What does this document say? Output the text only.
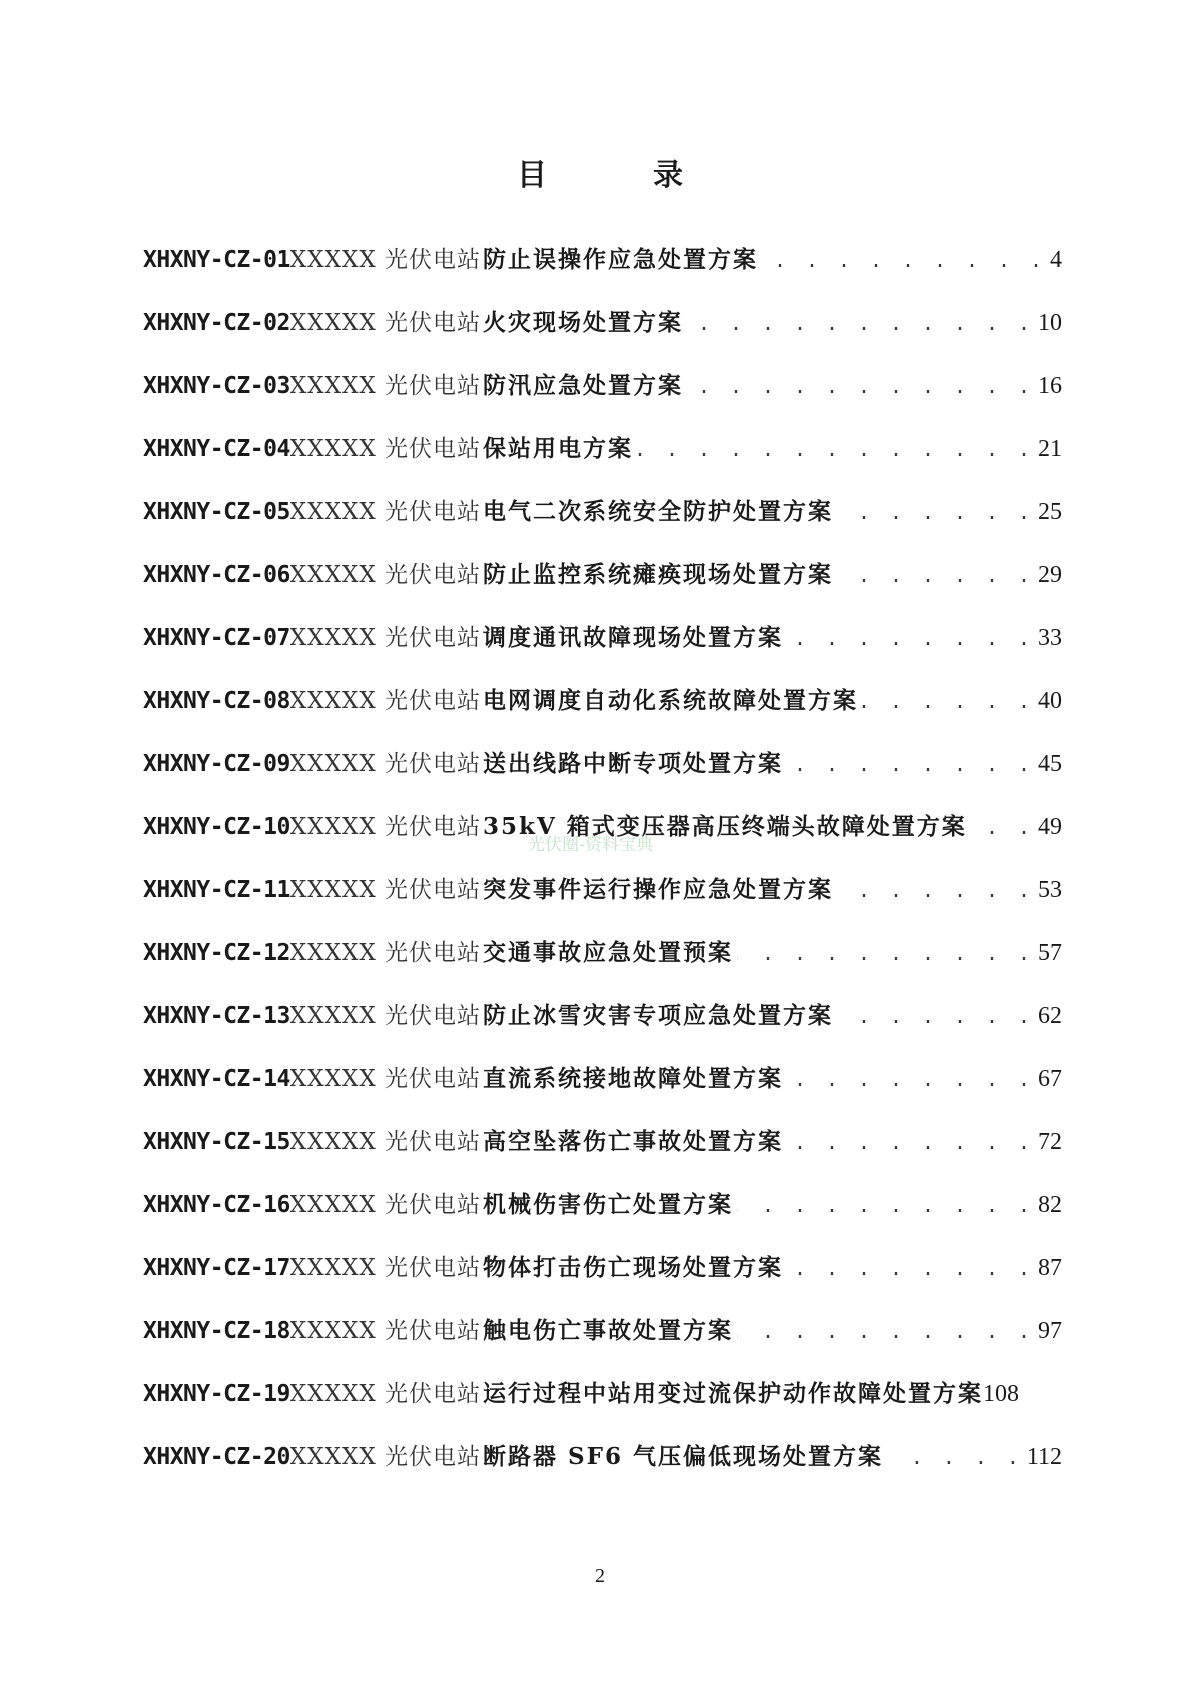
目　录
XHXNY-CZ-01 XXXXX 光伏电站 防止误操作应急处置方案 . . .	4
XHXNY-CZ-02 XXXXX 光伏电站 火灾现场处置方案 . . .	10
XHXNY-CZ-03 XXXXX 光伏电站 防汛应急处置方案 . . .	16
XHXNY-CZ-04 XXXXX 光伏电站 保站用电方案 . . .	21
XHXNY-CZ-05 XXXXX 光伏电站 电气二次系统安全防护处置方案 . . .	25
XHXNY-CZ-06 XXXXX 光伏电站 防止监控系统瘫痪现场处置方案 . . .	29
XHXNY-CZ-07 XXXXX 光伏电站 调度通讯故障现场处置方案 . . .	33
XHXNY-CZ-08 XXXXX 光伏电站 电网调度自动化系统故障处置方案 . . .	40
XHXNY-CZ-09 XXXXX 光伏电站 送出线路中断专项处置方案 . . .	45
XHXNY-CZ-10 XXXXX 光伏电站 35kV 箱式变压器高压终端头故障处置方案 . . .	49
XHXNY-CZ-11 XXXXX 光伏电站 突发事件运行操作应急处置方案 . . .	53
XHXNY-CZ-12 XXXXX 光伏电站 交通事故应急处置预案 . . .	57
XHXNY-CZ-13 XXXXX 光伏电站 防止冰雪灾害专项应急处置方案 . . .	62
XHXNY-CZ-14 XXXXX 光伏电站 直流系统接地故障处置方案 . . .	67
XHXNY-CZ-15 XXXXX 光伏电站 高空坠落伤亡事故处置方案 . . .	72
XHXNY-CZ-16 XXXXX 光伏电站 机械伤害伤亡处置方案 . . .	82
XHXNY-CZ-17 XXXXX 光伏电站 物体打击伤亡现场处置方案 . . .	87
XHXNY-CZ-18 XXXXX 光伏电站 触电伤亡事故处置方案 . . .	97
XHXNY-CZ-19 XXXXX 光伏电站 运行过程中站用变过流保护动作故障处置方案 108
XHXNY-CZ-20 XXXXX 光伏电站 断路器 SF6 气压偏低现场处置方案 . . .	112
光伏圈-资料宝典
2
